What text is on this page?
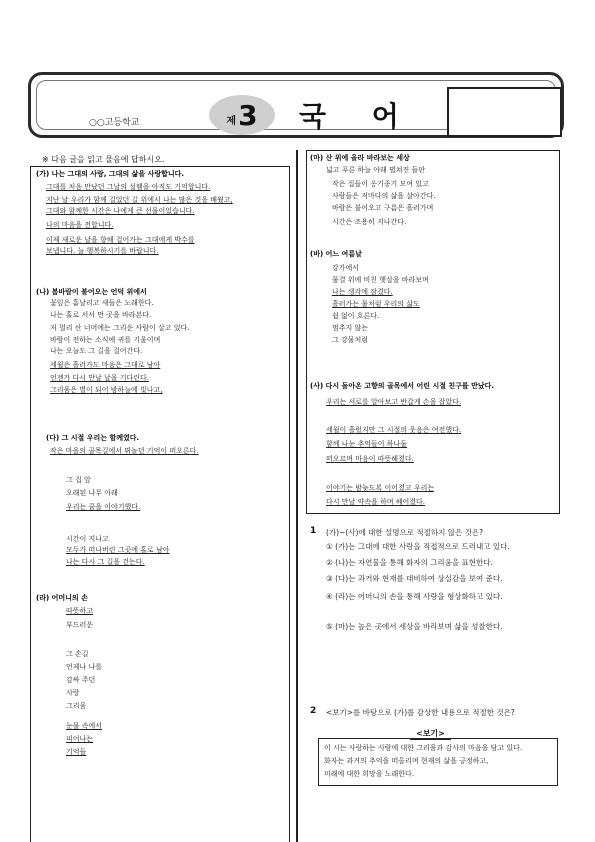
○○고등학교	제 3 국 어
※ 다음 글을 읽고 물음에 답하시오.
(가) 나는 그대의 사랑, 그대의 삶을 사랑합니다.
그대를 처음 만났던 그날의 설렘을 아직도 기억합니다.
지난 날 우리가 함께 걸었던 길 위에서 나는 많은 것을 배웠고,
그대와 함께한 시간은 나에게 큰 선물이었습니다.
나의 마음을 전합니다.
이제 새로운 날을 향해 걸어가는 그대에게 박수를
보냅니다. 늘 행복하시기를 바랍니다.
(나) 봄바람이 불어오는 언덕 위에서
꽃잎은 흩날리고 새들은 노래한다.
나는 홀로 서서 먼 곳을 바라본다.
저 멀리 산 너머에는 그리운 사람이 살고 있다.
바람이 전하는 소식에 귀를 기울이며
나는 오늘도 그 길을 걸어간다.
세월은 흘러가도 마음은 그대로 남아
언젠가 다시 만날 날을 기다린다.
그리움은 별이 되어 밤하늘에 빛나고,
(다) 그 시절 우리는 함께였다.
작은 마을의 골목길에서 뛰놀던 기억이 떠오른다.
그 집 앞
오래된 나무 아래
우리는 꿈을 이야기했다.
시간이 지나고
모두가 떠나버린 그곳에 홀로 남아
나는 다시 그 길을 걷는다.
(라) 어머니의 손
따뜻하고
부드러운
그 손길
언제나 나를
감싸 주던
사랑
그리움
눈물 속에서
피어나는
기억들
(마) 산 위에 올라 바라보는 세상
넓고 푸른 하늘 아래 펼쳐진 들판
작은 집들이 옹기종기 모여 있고
사람들은 저마다의 삶을 살아간다.
바람은 불어오고 구름은 흘러가며
시간은 조용히 지나간다.
(바) 어느 여름날
강가에서
물결 위에 비친 햇살을 바라보며
나는 생각에 잠겼다.
흘러가는 물처럼 우리의 삶도
쉼 없이 흐른다.
멈추지 않는
그 강물처럼
(사) 다시 돌아온 고향의 골목에서 어린 시절 친구를 만났다.
우리는 서로를 알아보고 반갑게 손을 잡았다.
세월이 흘렀지만 그 시절의 웃음은 여전했다.
함께 나눈 추억들이 하나둘
떠오르며 마음이 따뜻해졌다.
이야기는 밤늦도록 이어졌고 우리는
다시 만날 약속을 하며 헤어졌다.
1 (가)~(사)에 대한 설명으로 적절하지 않은 것은?
① (가)는 그대에 대한 사랑을 직접적으로 드러내고 있다.
② (나)는 자연물을 통해 화자의 그리움을 표현한다.
③ (다)는 과거와 현재를 대비하여 상실감을 보여 준다.
④ (라)는 어머니의 손을 통해 사랑을 형상화하고 있다.
⑤ (마)는 높은 곳에서 세상을 바라보며 삶을 성찰한다.
2 <보기>를 바탕으로 (가)를 감상한 내용으로 적절한 것은?
<보기>
이 시는 사랑하는 사람에 대한 그리움과 감사의 마음을 담고 있다.
화자는 과거의 추억을 떠올리며 현재의 삶을 긍정하고,
미래에 대한 희망을 노래한다.
